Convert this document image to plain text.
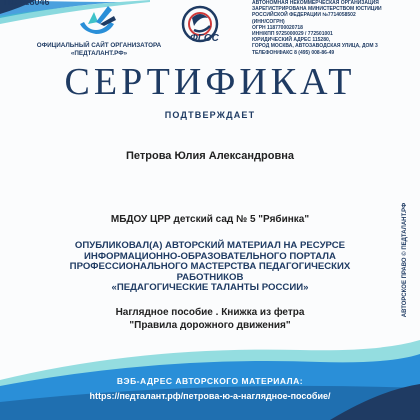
ПС №8046
ОФИЦИАЛЬНЫЙ САЙТ ОРГАНИЗАТОРА «ПЕДТАЛАНТ.РФ»
ФГОС
АВТОНОМНАЯ НЕКОММЕРЧЕСКАЯ ОРГАНИЗАЦИЯ
ЗАРЕГИСТРИРОВАНА МИНИСТЕРСТВОМ ЮСТИЦИИ
РОССИЙСКОЙ ФЕДЕРАЦИИ №7714058502
(ИНН/СОГРН)
ОГРН 1187700020718
ИНН/КПП 9725000029 / 772501001
ЮРИДИЧЕСКИЙ АДРЕС 115280,
ГОРОД МОСКВА, АВТОЗАВОДСКАЯ УЛИЦА, ДОМ 3
ТЕЛЕФОН/ФАКС 8 (495) 008-86-49
СЕРТИФИКАТ
ПОДТВЕРЖДАЕТ
Петрова Юлия Александровна
МБДОУ ЦРР детский сад № 5 "Рябинка"
ОПУБЛИКОВАЛ(А) АВТОРСКИЙ МАТЕРИАЛ НА РЕСУРСЕ
ИНФОРМАЦИОННО-ОБРАЗОВАТЕЛЬНОГО ПОРТАЛА
ПРОФЕССИОНАЛЬНОГО МАСТЕРСТВА ПЕДАГОГИЧЕСКИХ РАБОТНИКОВ
«ПЕДАГОГИЧЕСКИЕ ТАЛАНТЫ РОССИИ»
Наглядное пособие . Книжка из фетра
"Правила дорожного движения"
ВЭБ-АДРЕС АВТОРСКОГО МАТЕРИАЛА:
https://педталант.рф/петрова-ю-а-наглядное-пособие/
АВТОРСКОЕ ПРАВО © ПЕДТАЛАНТ.РФ
